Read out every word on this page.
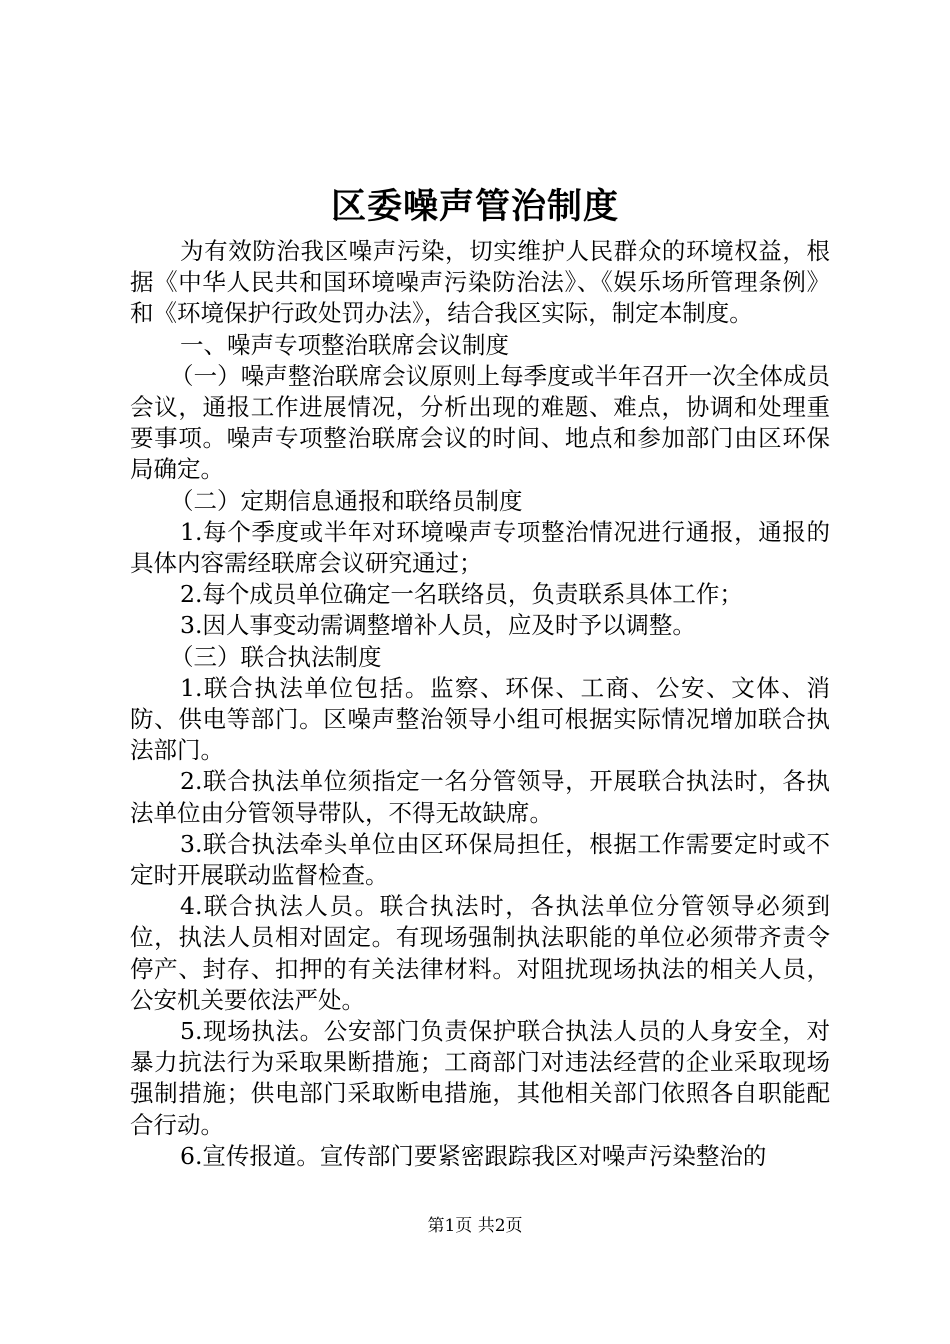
区委噪声管治制度

为有效防治我区噪声污染，切实维护人民群众的环境权益，根据《中华人民共和国环境噪声污染防治法》、《娱乐场所管理条例》和《环境保护行政处罚办法》，结合我区实际，制定本制度。

一、噪声专项整治联席会议制度

（一）噪声整治联席会议原则上每季度或半年召开一次全体成员会议，通报工作进展情况，分析出现的难题、难点，协调和处理重要事项。噪声专项整治联席会议的时间、地点和参加部门由区环保局确定。

（二）定期信息通报和联络员制度

1.每个季度或半年对环境噪声专项整治情况进行通报，通报的具体内容需经联席会议研究通过；

2.每个成员单位确定一名联络员，负责联系具体工作；

3.因人事变动需调整增补人员，应及时予以调整。

（三）联合执法制度

1.联合执法单位包括。监察、环保、工商、公安、文体、消防、供电等部门。区噪声整治领导小组可根据实际情况增加联合执法部门。

2.联合执法单位须指定一名分管领导，开展联合执法时，各执法单位由分管领导带队，不得无故缺席。

3.联合执法牵头单位由区环保局担任，根据工作需要定时或不定时开展联动监督检查。

4.联合执法人员。联合执法时，各执法单位分管领导必须到位，执法人员相对固定。有现场强制执法职能的单位必须带齐责令停产、封存、扣押的有关法律材料。对阻扰现场执法的相关人员，公安机关要依法严处。

5.现场执法。公安部门负责保护联合执法人员的人身安全，对暴力抗法行为采取果断措施；工商部门对违法经营的企业采取现场强制措施；供电部门采取断电措施，其他相关部门依照各自职能配合行动。

6.宣传报道。宣传部门要紧密跟踪我区对噪声污染整治的

第1页 共2页
